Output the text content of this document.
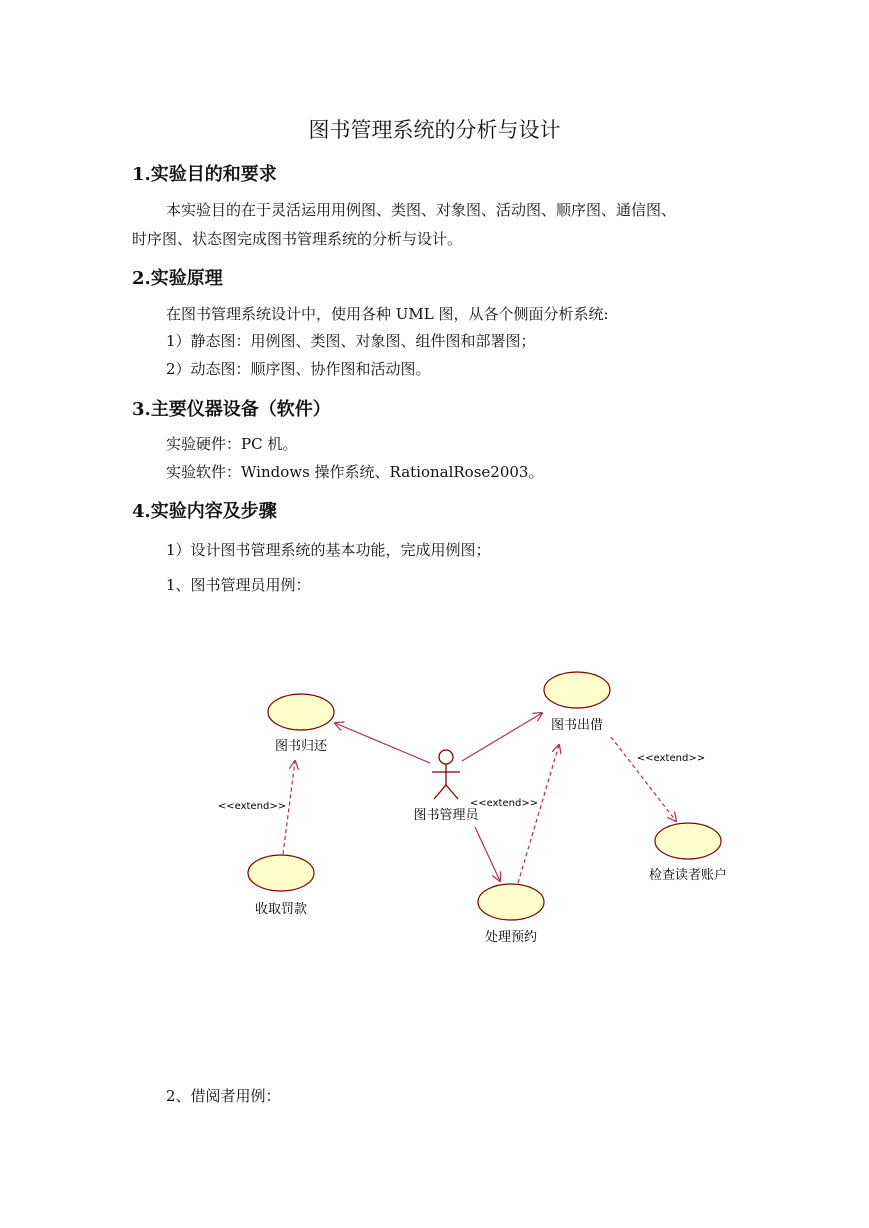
图书管理系统的分析与设计
1.实验目的和要求
本实验目的在于灵活运用用例图、类图、对象图、活动图、顺序图、通信图、
时序图、状态图完成图书管理系统的分析与设计。
2.实验原理
在图书管理系统设计中，使用各种 UML 图，从各个侧面分析系统:
1）静态图：用例图、类图、对象图、组件图和部署图；
2）动态图：顺序图、协作图和活动图。
3.主要仪器设备（软件）
实验硬件：PC 机。
实验软件：Windows 操作系统、RationalRose2003。
4.实验内容及步骤
1）设计图书管理系统的基本功能，完成用例图；
1、图书管理员用例：
图书归还
图书出借
收取罚款
处理预约
检查读者账户
图书管理员
<<extend>>	<<extend>>
<<extend>>
2、借阅者用例：
